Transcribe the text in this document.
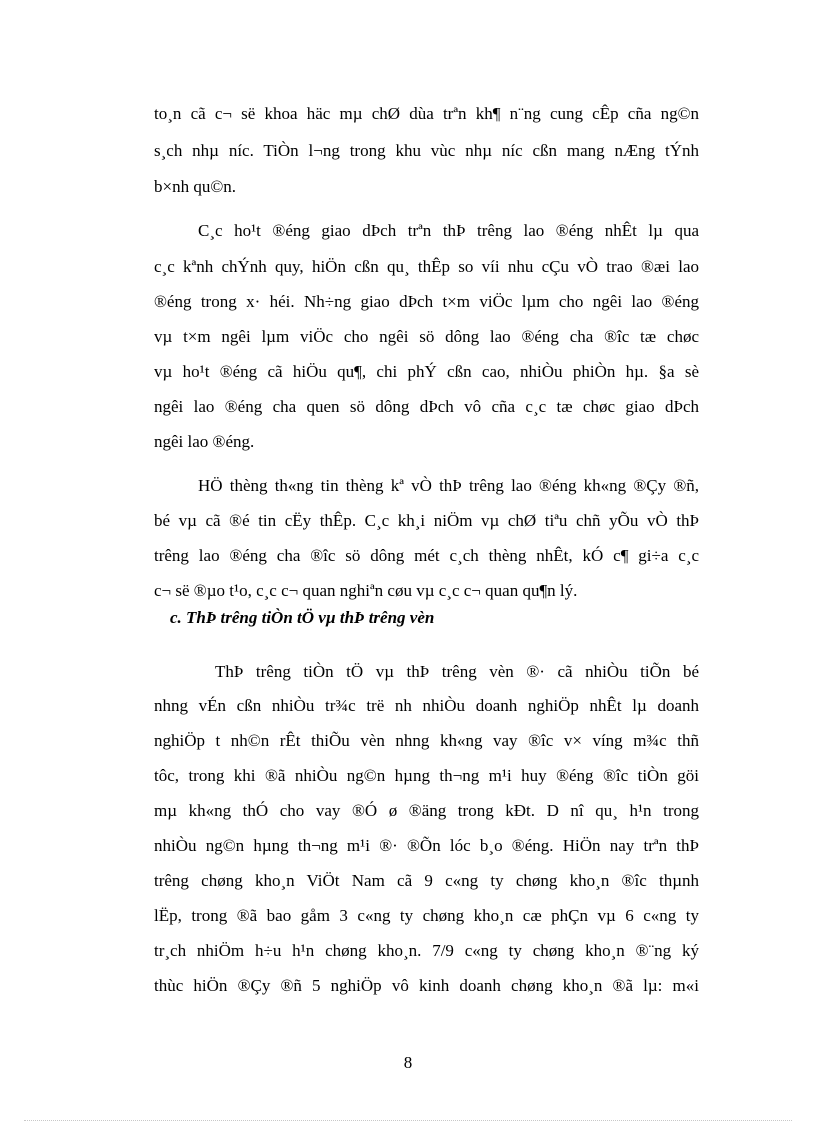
to¸n cã c¬ së khoa häc mµ chØ dùa trªn kh¶ n¨ng cung cÊp cña ng©n
s¸ch nhµ níc. TiÒn l¬ng trong khu vùc nhµ níc cßn mang nÆng tÝnh
b×nh qu©n.
C¸c ho¹t ®éng giao dÞch trªn thÞ trêng lao ®éng nhÊt lµ qua
c¸c kªnh chÝnh quy, hiÖn cßn qu¸ thÊp so víi nhu cÇu vÒ trao ®æi lao
®éng trong x· héi. Nh÷ng giao dÞch t×m viÖc lµm cho ngêi lao ®éng
vµ t×m ngêi lµm viÖc cho ngêi sö dông lao ®éng cha ®îc tæ chøc
vµ ho¹t ®éng cã hiÖu qu¶, chi phÝ cßn cao, nhiÒu phiÒn hµ. §a sè
ngêi lao ®éng cha quen sö dông dÞch vô cña c¸c tæ chøc giao dÞch
ngêi lao ®éng.
HÖ thèng th«ng tin thèng kª vÒ thÞ trêng lao ®éng kh«ng ®Çy ®ñ,
bé vµ cã ®é tin cËy thÊp. C¸c kh¸i niÖm vµ chØ tiªu chñ yÕu vÒ thÞ
trêng lao ®éng cha ®îc sö dông mét c¸ch thèng nhÊt, kÓ c¶ gi÷a c¸c
c¬ së ®µo t¹o, c¸c c¬ quan nghiªn cøu vµ c¸c c¬ quan qu¶n lý.
c. ThÞ trêng tiÒn tÖ vµ thÞ trêng vèn
ThÞ trêng tiÒn tÖ vµ thÞ trêng vèn ®· cã nhiÒu tiÕn bé
nhng vÉn cßn nhiÒu tr¾c trë nh nhiÒu doanh nghiÖp nhÊt lµ doanh
nghiÖp t nh©n rÊt thiÕu vèn nhng kh«ng vay ®îc v× víng m¾c thñ
tôc, trong khi ®ã nhiÒu ng©n hµng th¬ng m¹i huy ®éng ®îc tiÒn göi
mµ kh«ng thÓ cho vay ®Ó ø ®äng trong kÐt. D nî qu¸ h¹n trong
nhiÒu ng©n hµng th¬ng m¹i ®· ®Õn lóc b¸o ®éng. HiÖn nay trªn thÞ
trêng chøng kho¸n ViÖt Nam cã 9 c«ng ty chøng kho¸n ®îc thµnh
lËp, trong ®ã bao gåm 3 c«ng ty chøng kho¸n cæ phÇn vµ 6 c«ng ty
tr¸ch nhiÖm h÷u h¹n chøng kho¸n. 7/9 c«ng ty chøng kho¸n ®¨ng ký
thùc hiÖn ®Çy ®ñ 5 nghiÖp vô kinh doanh chøng kho¸n ®ã lµ: m«i
8
